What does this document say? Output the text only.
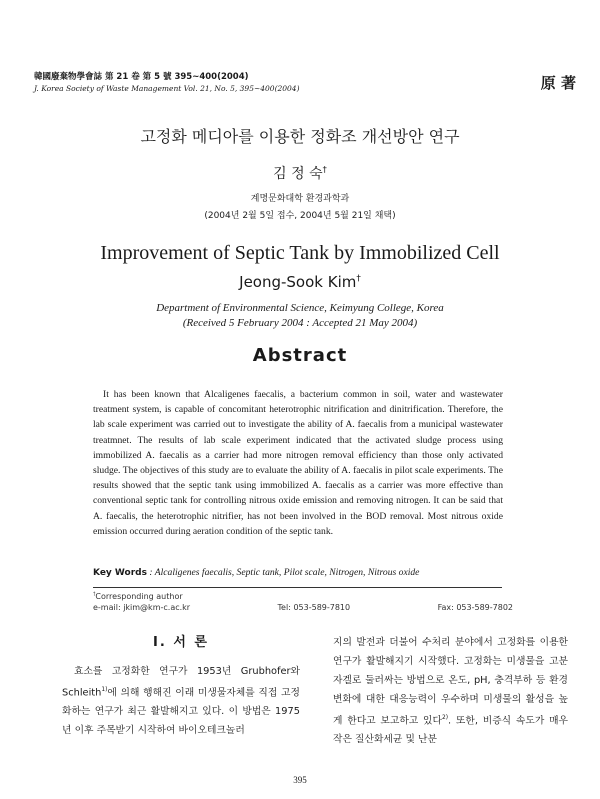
韓國廢棄物學會誌 第 21 卷 第 5 號 395~400(2004)
J. Korea Society of Waste Management Vol. 21, No. 5, 395~400(2004)	原 著
고정화 메디아를 이용한 정화조 개선방안 연구
김 정 숙†
계명문화대학 환경과학과
(2004년 2월 5일 접수, 2004년 5월 21일 채택)
Improvement of Septic Tank by Immobilized Cell
Jeong-Sook Kim†
Department of Environmental Science, Keimyung College, Korea
(Received 5 February 2004 : Accepted 21 May 2004)
Abstract
It has been known that Alcaligenes faecalis, a bacterium common in soil, water and wastewater treatment system, is capable of concomitant heterotrophic nitrification and dinitrification. Therefore, the lab scale experiment was carried out to investigate the ability of A. faecalis from a municipal wastewater treatmnet. The results of lab scale experiment indicated that the activated sludge process using immobilized A. faecalis as a carrier had more nitrogen removal efficiency than those only activated sludge. The objectives of this study are to evaluate the ability of A. faecalis in pilot scale experiments. The results showed that the septic tank using immobilized A. faecalis as a carrier was more effective than conventional septic tank for controlling nitrous oxide emission and removing nitrogen. It can be said that A. faecalis, the heterotrophic nitrifier, has not been involved in the BOD removal. Most nitrous oxide emission occurred during aeration condition of the septic tank.
Key Words : Alcaligenes faecalis, Septic tank, Pilot scale, Nitrogen, Nitrous oxide
†Corresponding author
e-mail: jkim@km-c.ac.kr	Tel: 053-589-7810	Fax: 053-589-7802
Ⅰ. 서 론
효소를 고정화한 연구가 1953년 Grubhofer와 Schleith$^{1)}$에 의해 행해진 이래 미생물자체를 직접 고정화하는 연구가 최근 활발해지고 있다. 이 방법은 1975년 이후 주목받기 시작하여 바이오테크놀러
지의 발전과 더불어 수처리 분야에서 고정화를 이용한 연구가 활발해지기 시작했다. 고정화는 미생물을 고분자겔로 둘러싸는 방법으로 온도, pH, 충격부하 등 환경변화에 대한 대응능력이 우수하며 미생물의 활성을 높게 한다고 보고하고 있다$^{2)}$. 또한, 비증식 속도가 매우 작은 질산화세균 및 난분
395
